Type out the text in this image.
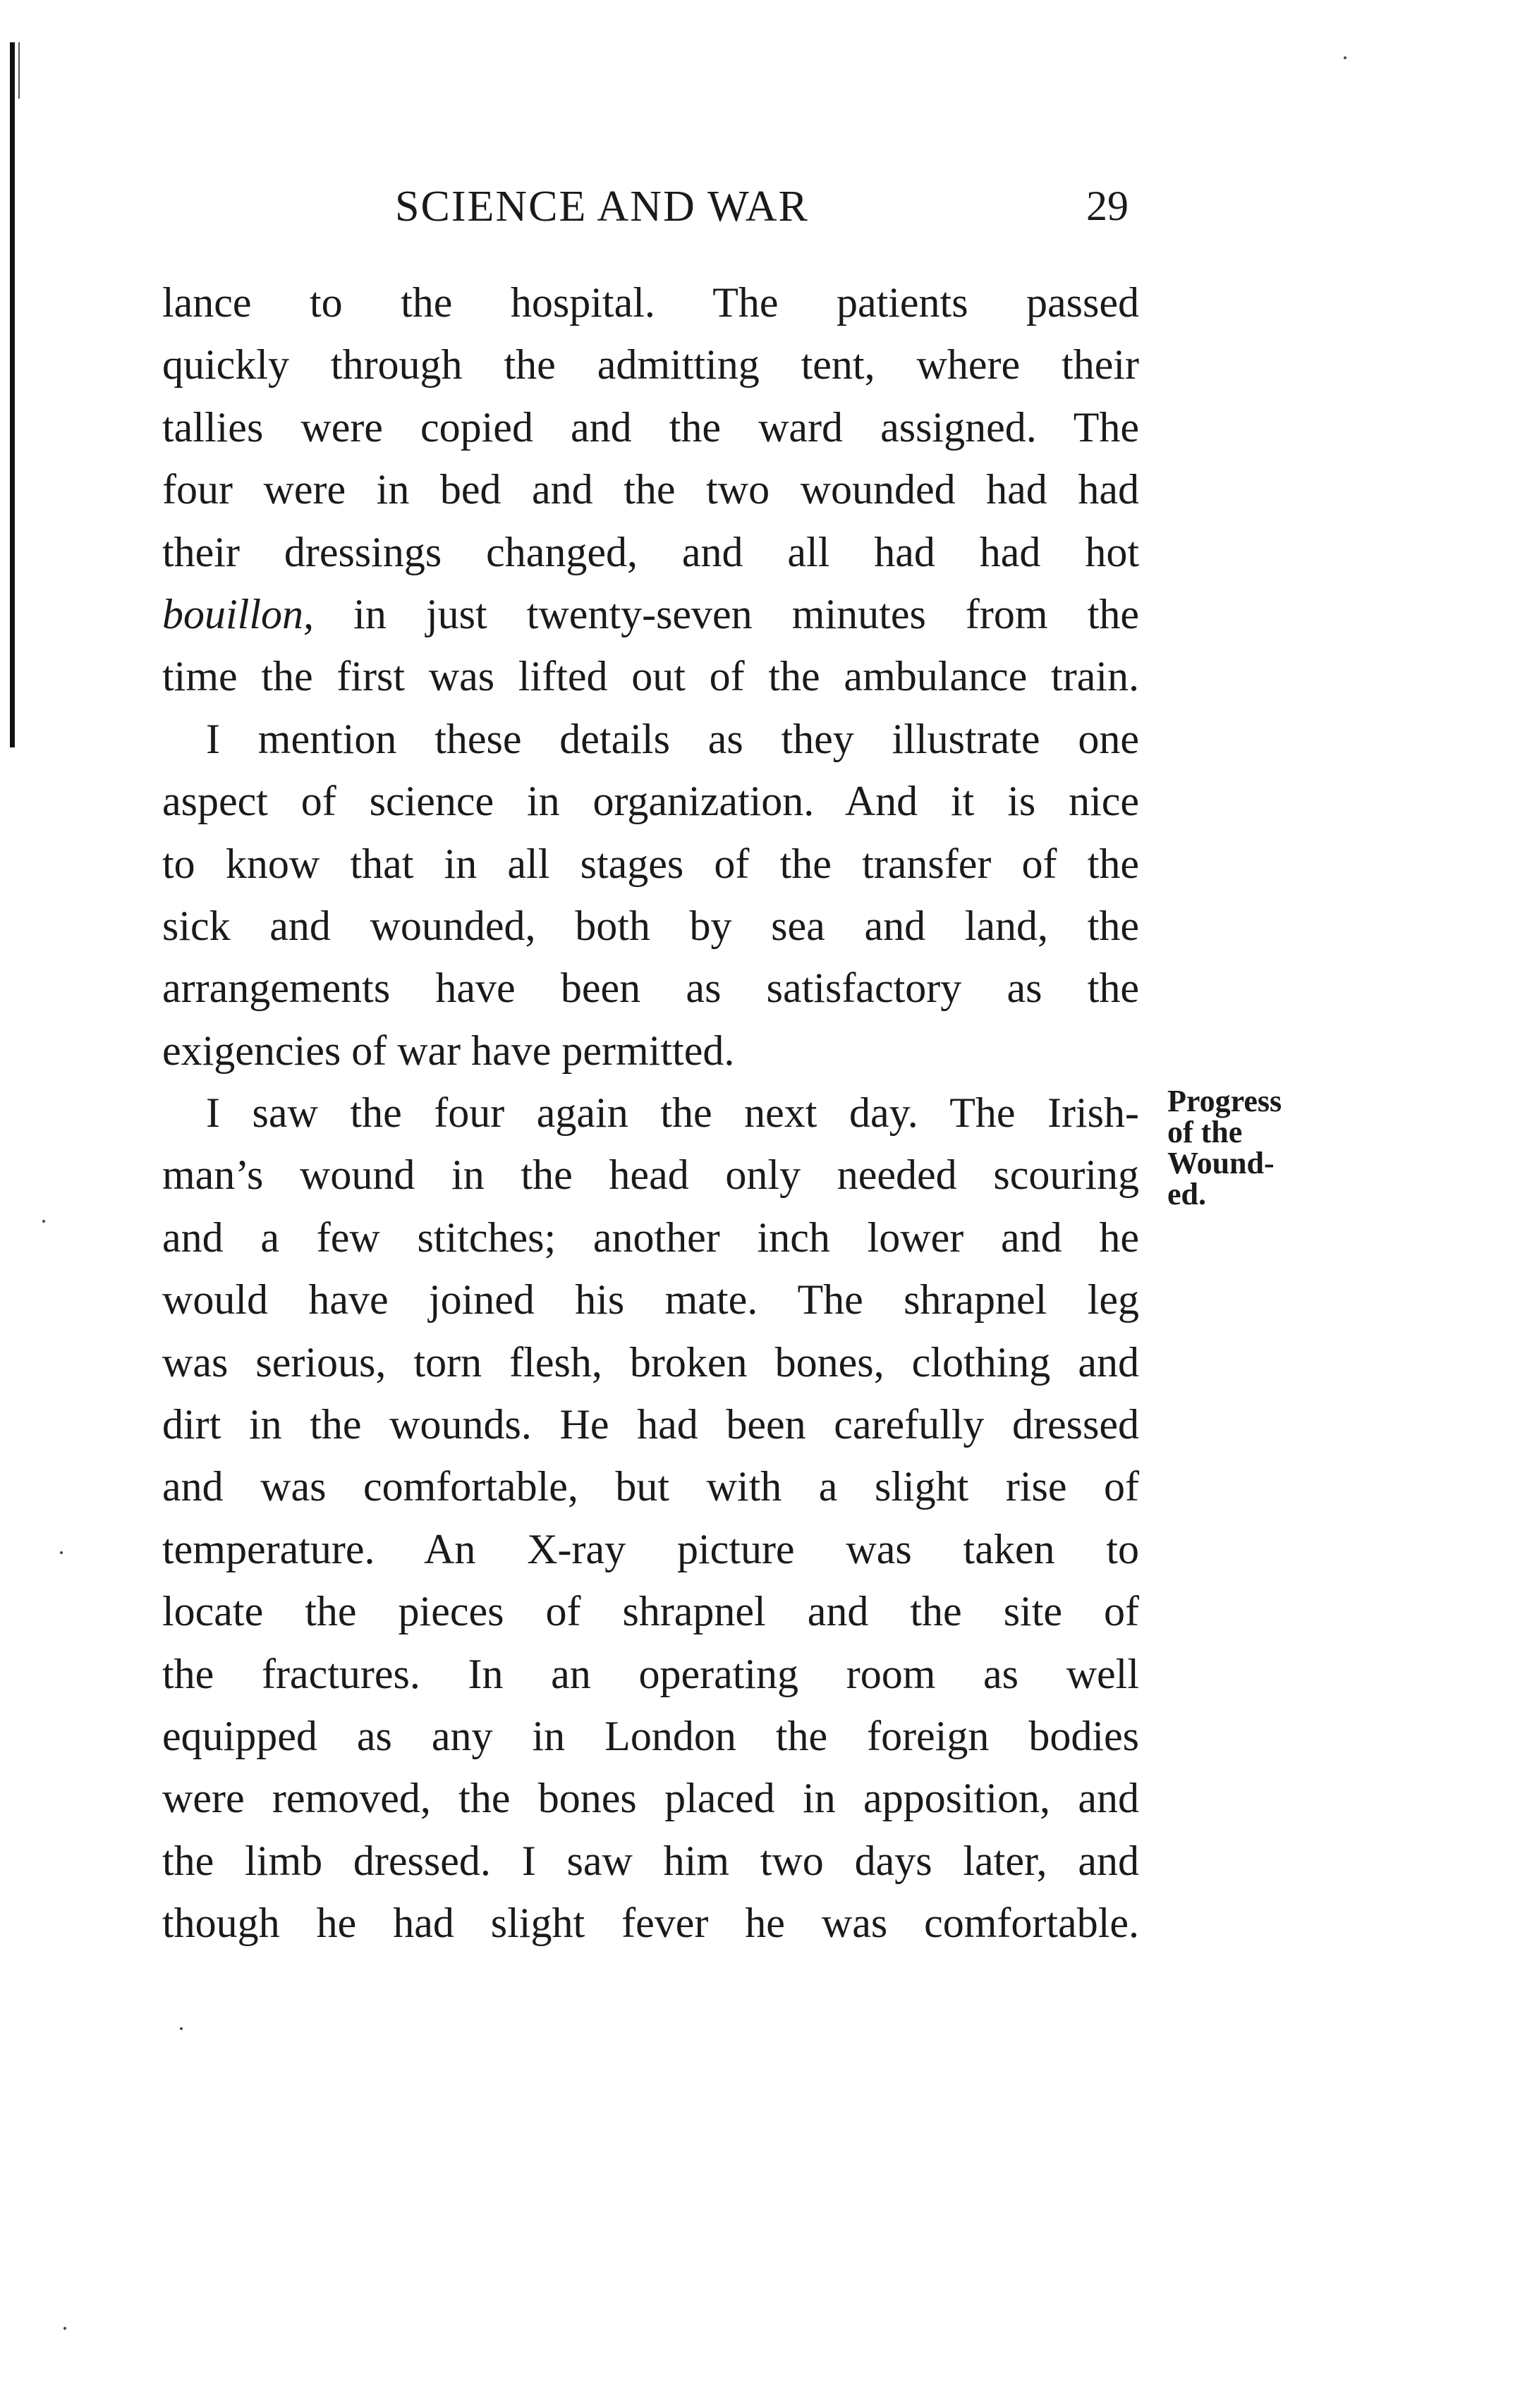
SCIENCE AND WAR	29
lance to the hospital. The patients passed
quickly through the admitting tent, where their
tallies were copied and the ward assigned. The
four were in bed and the two wounded had had
their dressings changed, and all had had hot
bouillon, in just twenty-seven minutes from the
time the first was lifted out of the ambulance train.
I mention these details as they illustrate one
aspect of science in organization. And it is nice
to know that in all stages of the transfer of the
sick and wounded, both by sea and land, the
arrangements have been as satisfactory as the
exigencies of war have permitted.
I saw the four again the next day. The Irish-
man’s wound in the head only needed scouring
and a few stitches; another inch lower and he
would have joined his mate. The shrapnel leg
was serious, torn flesh, broken bones, clothing and
dirt in the wounds. He had been carefully dressed
and was comfortable, but with a slight rise of
temperature. An X-ray picture was taken to
locate the pieces of shrapnel and the site of
the fractures. In an operating room as well
equipped as any in London the foreign bodies
were removed, the bones placed in apposition, and
the limb dressed. I saw him two days later, and
though he had slight fever he was comfortable.
Progress
of the
Wound-
ed.
